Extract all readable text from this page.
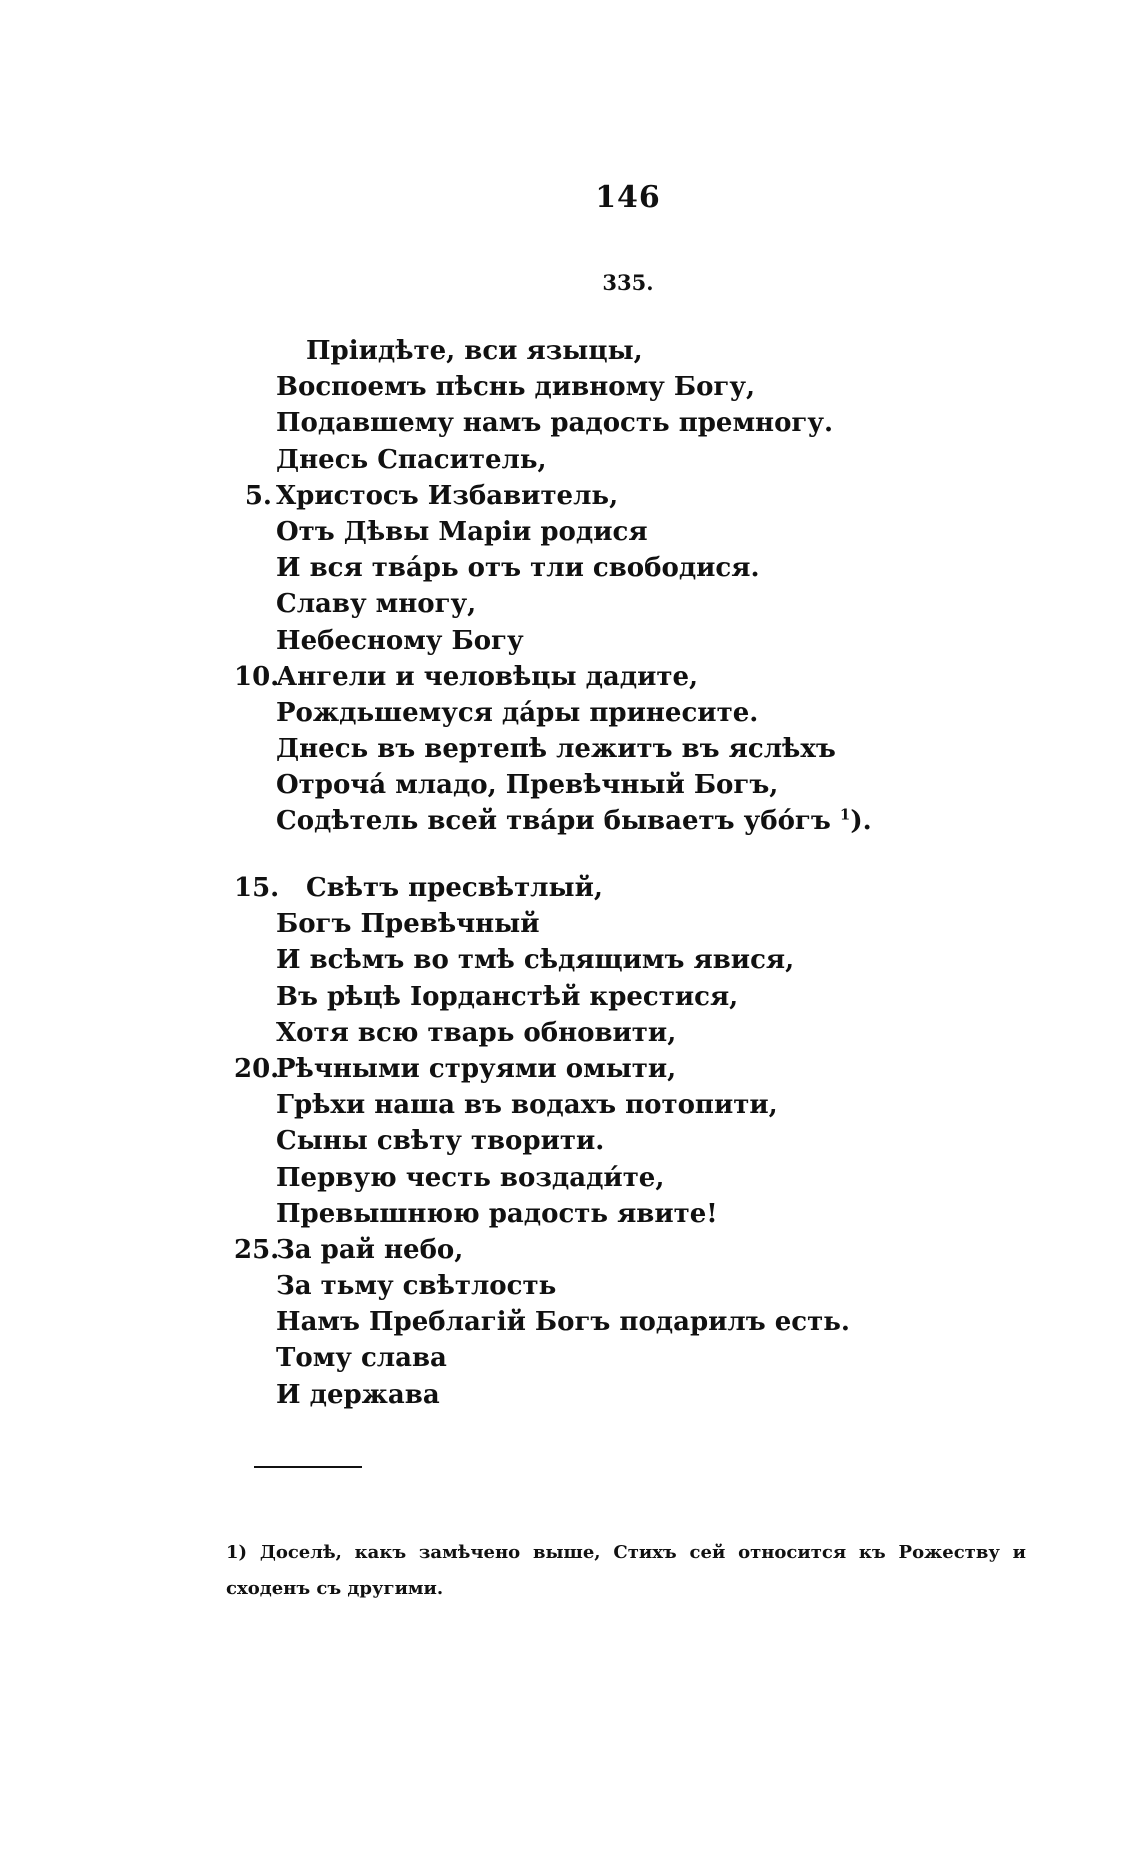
146
335.
Пріидѣте, вси языцы,
Воспоемъ пѣснь дивному Богу,
Подавшему намъ радость премногу.
Днесь Спаситель,
5. Христосъ Избавитель,
Отъ Дѣвы Маріи родися
И вся тва́рь отъ тли свободися.
Славу многу,
Небесному Богу
10.
Ангели и человѣцы дадите,
Рождьшемуся да́ры принесите.
Днесь въ вертепѣ лежитъ въ яслѣхъ
Отроча́ младо, Превѣчный Богъ,
Содѣтель всей тва́ри бываетъ убо́гъ $^1$).
15. Свѣтъ пресвѣтлый,
Богъ Превѣчный
И всѣмъ во тмѣ сѣдящимъ явися,
Въ рѣцѣ Іорданстѣй крестися,
Хотя всю тварь обновити,
20.
Рѣчными струями омыти,
Грѣхи наша въ водахъ потопити,
Сыны свѣту творити.
Первую честь воздади́те,
Превышнюю радость явите!
25.
За рай небо,
За тьму свѣтлость
Намъ Преблагій Богъ подарилъ есть.
Тому слава
И держава
1) Доселѣ, какъ замѣчено выше, Стихъ сей относится къ Рожеству и
сходенъ съ другими.
